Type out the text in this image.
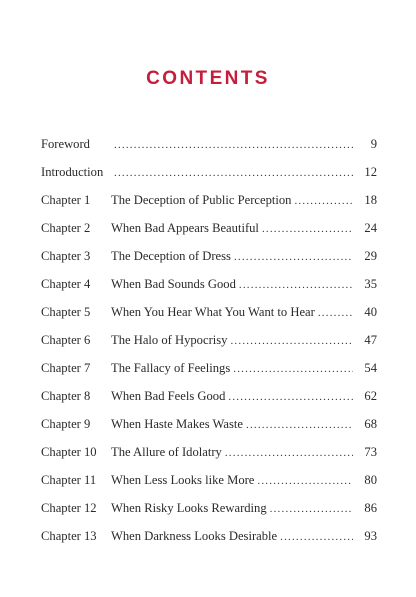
CONTENTS
Foreword .....	9
Introduction .....	12
Chapter 1 The Deception of Public Perception .....	18
Chapter 2 When Bad Appears Beautiful .....	24
Chapter 3 The Deception of Dress .....	29
Chapter 4 When Bad Sounds Good .....	35
Chapter 5 When You Hear What You Want to Hear .....	40
Chapter 6 The Halo of Hypocrisy .....	47
Chapter 7 The Fallacy of Feelings .....	54
Chapter 8 When Bad Feels Good .....	62
Chapter 9 When Haste Makes Waste .....	68
Chapter 10 The Allure of Idolatry .....	73
Chapter 11 When Less Looks like More .....	80
Chapter 12 When Risky Looks Rewarding .....	86
Chapter 13 When Darkness Looks Desirable .....	93
